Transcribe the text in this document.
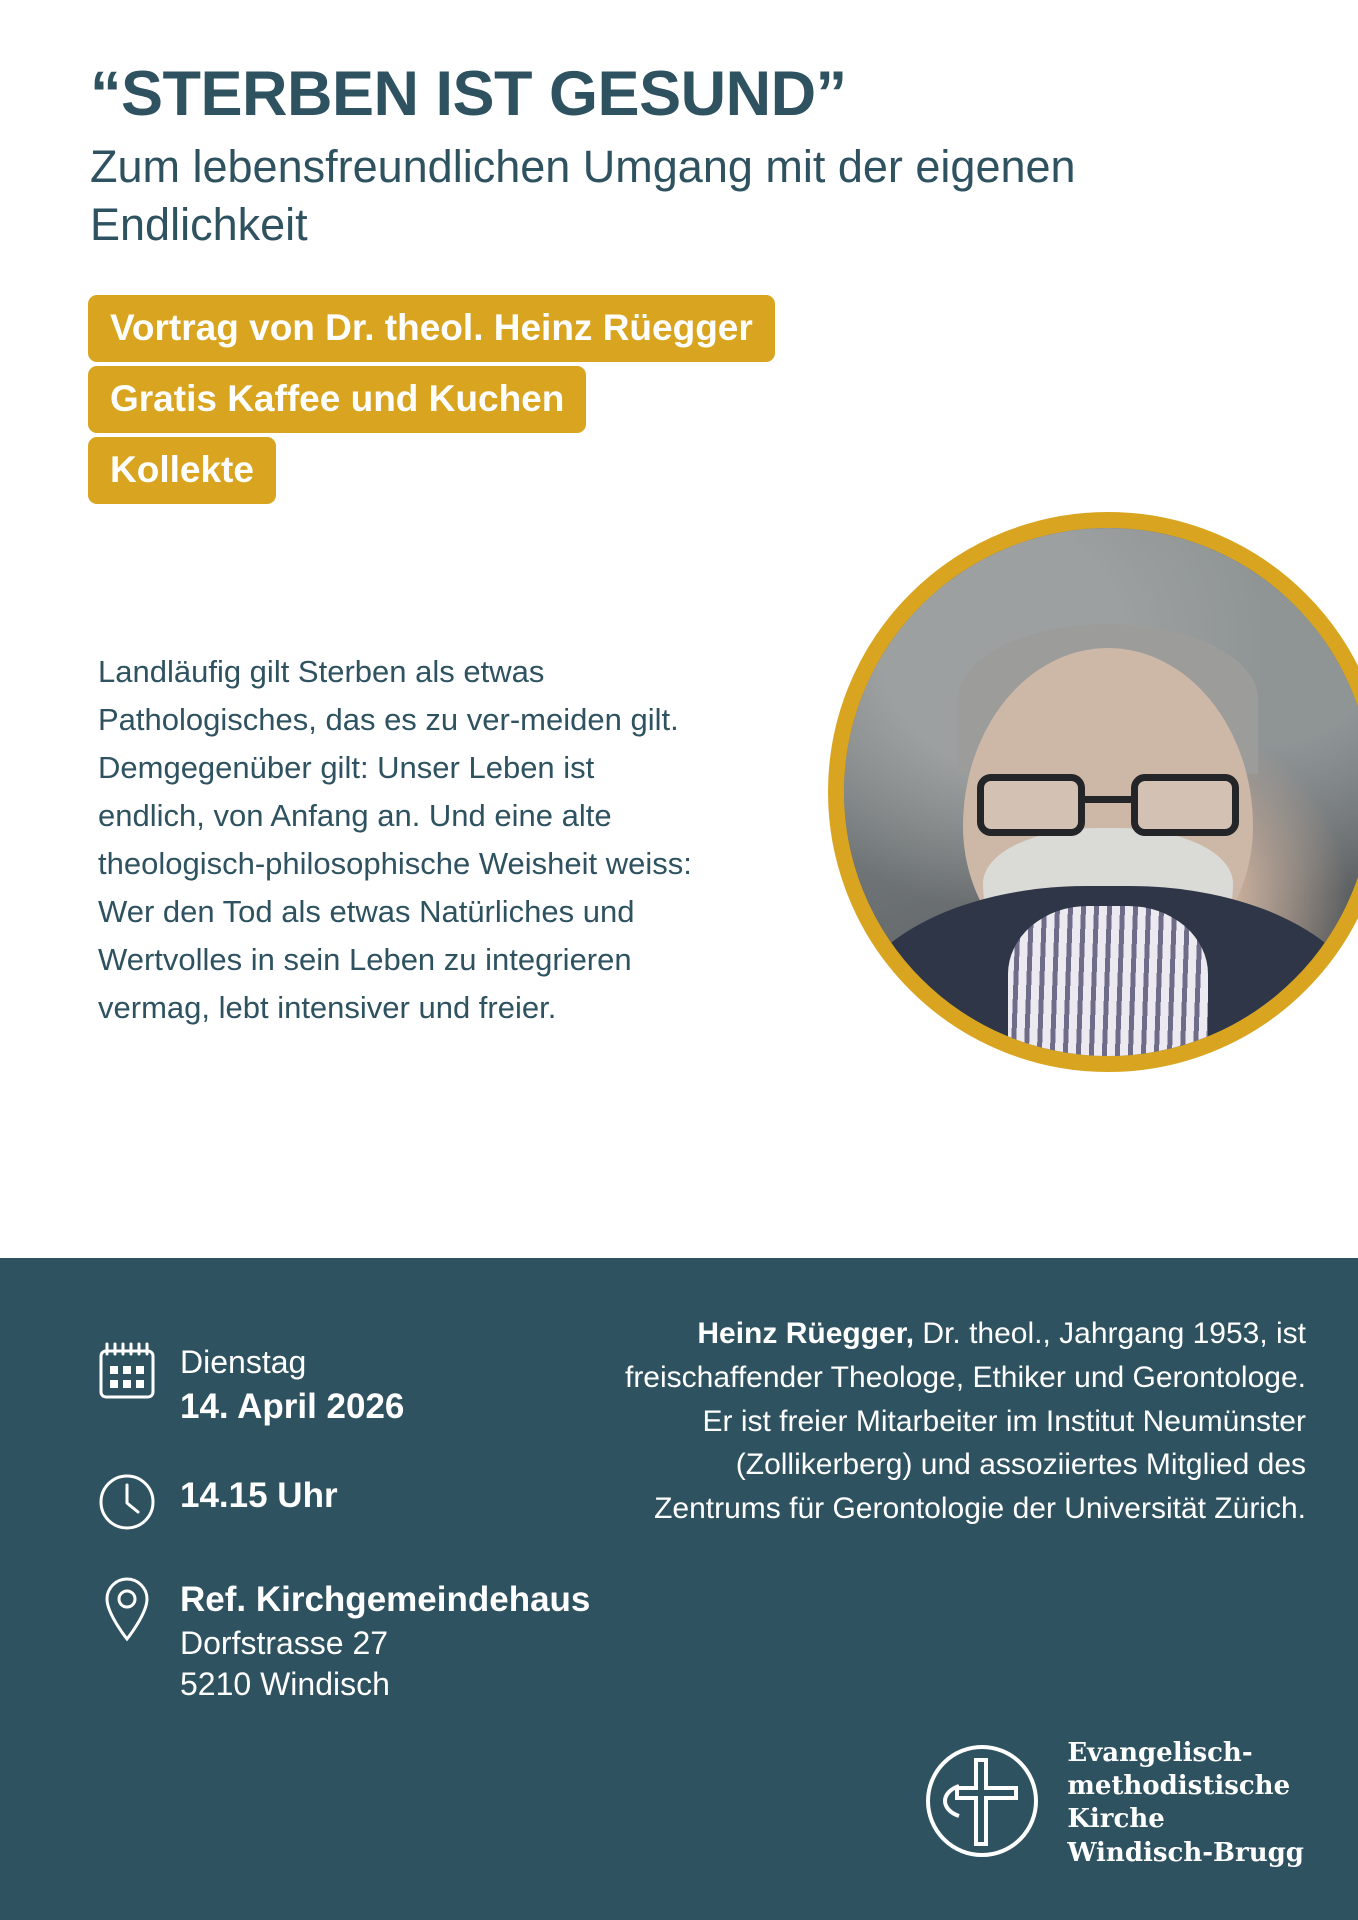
“STERBEN IST GESUND”
Zum lebensfreundlichen Umgang mit der eigenen Endlichkeit
Vortrag von Dr. theol. Heinz Rüegger
Gratis Kaffee und Kuchen
Kollekte

Landläufig gilt Sterben als etwas Pathologisches, das es zu ver-meiden gilt. Demgegenüber gilt: Unser Leben ist endlich, von Anfang an. Und eine alte theologisch-philosophische Weisheit weiss: Wer den Tod als etwas Natürliches und Wertvolles in sein Leben zu integrieren vermag, lebt intensiver und freier.

Heinz Rüegger, Dr. theol., Jahrgang 1953, ist freischaffender Theologe, Ethiker und Gerontologe. Er ist freier Mitarbeiter im Institut Neumünster (Zollikerberg) und assoziiertes Mitglied des Zentrums für Gerontologie der Universität Zürich.
Dienstag
14. April 2026
14.15 Uhr
Ref. Kirchgemeindehaus
Dorfstrasse 27
5210 Windisch
Evangelisch-
methodistische
Kirche
Windisch-Brugg
